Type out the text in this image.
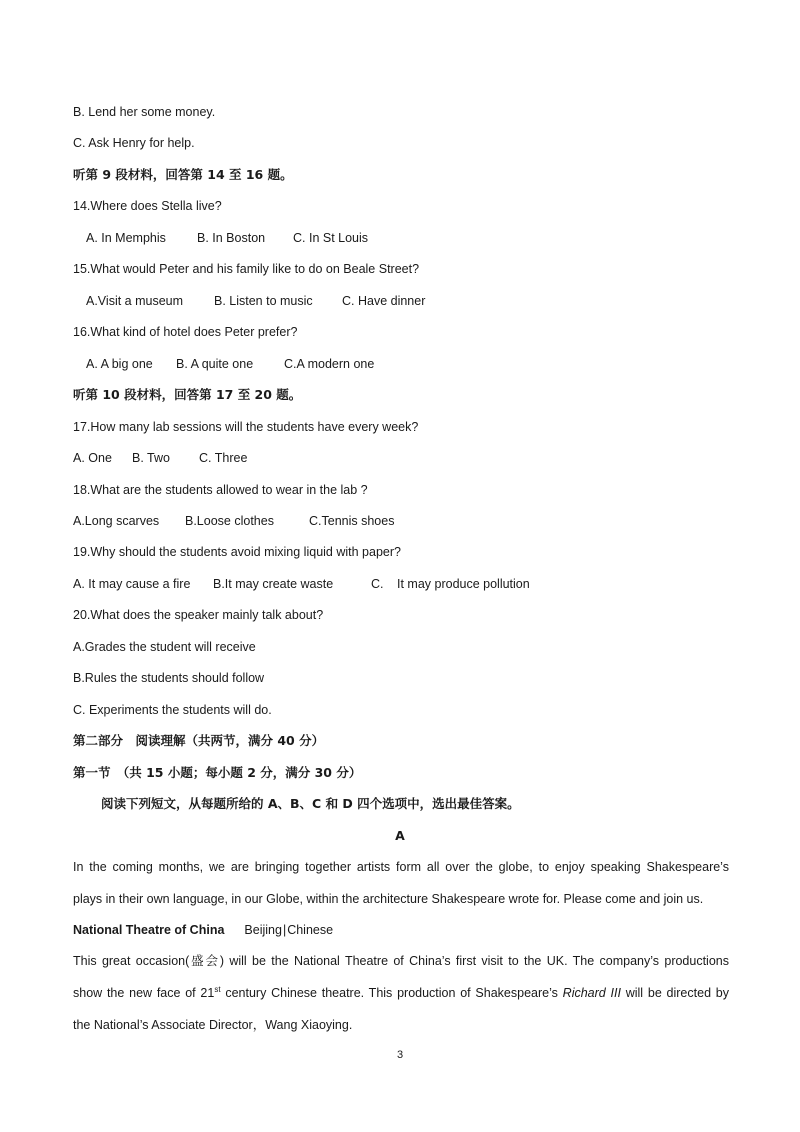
B. Lend her some money.
C. Ask Henry for help.
听第 9 段材料，回答第 14 至 16 题。
14.Where does Stella live?
A. In Memphis B. In Boston C. In St Louis
15.What would Peter and his family like to do on Beale Street?
A.Visit a museum B. Listen to music C. Have dinner
16.What kind of hotel does Peter prefer?
A. A big one B. A quite one C.A modern one
听第 10 段材料，回答第 17 至 20 题。
17.How many lab sessions will the students have every week?
A. One B. Two C. Three
18.What are the students allowed to wear in the lab ?
A.Long scarves B.Loose clothes	C.Tennis shoes
19.Why should the students avoid mixing liquid with paper?
A. It may cause a fire B.It may create waste	C. It may produce pollution
20.What does the speaker mainly talk about?
A.Grades the student will receive
B.Rules the students should follow
C. Experiments the students will do.
第二部分　阅读理解（共两节，满分 40 分）
第一节　（共 15 小题；每小题 2 分，满分 30 分）
阅读下列短文，从每题所给的 A、B、C 和 D 四个选项中，选出最佳答案。
A
In the coming months, we are bringing together artists form all over the globe, to enjoy speaking Shakespeare’s
plays in their own language, in our Globe, within the architecture Shakespeare wrote for. Please come and join us.
National Theatre of China Beijing|Chinese
This great occasion(盛会) will be the National Theatre of China’s first visit to the UK. The company’s productions
show the new face of 21st century Chinese theatre. This production of Shakespeare’s Richard III will be directed by
the National’s Associate Director，Wang Xiaoying.
3
